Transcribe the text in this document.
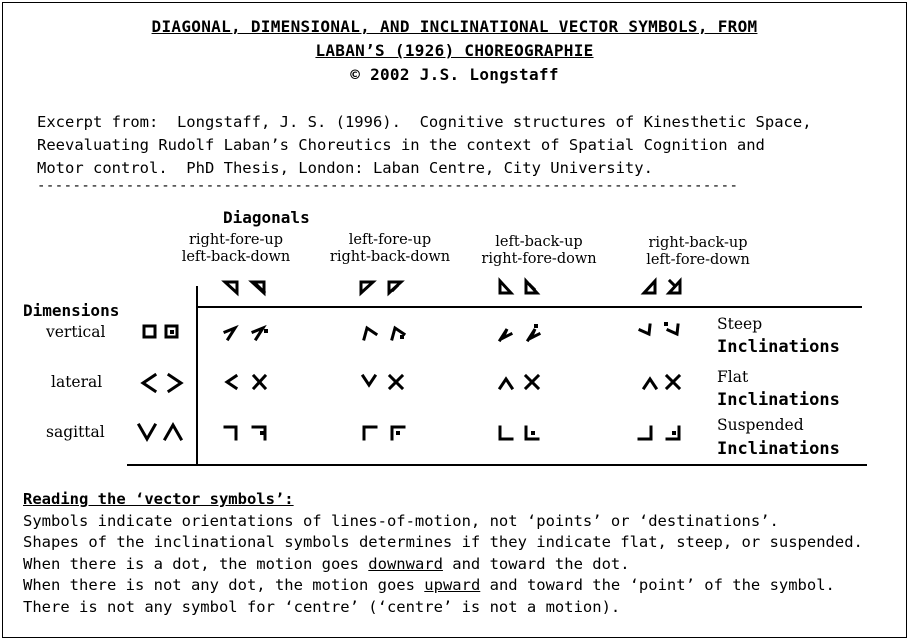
DIAGONAL, DIMENSIONAL, AND INCLINATIONAL VECTOR SYMBOLS, FROM
LABAN’S (1926) CHOREOGRAPHIE
© 2002 J.S. Longstaff
Excerpt from:  Longstaff, J. S. (1996).  Cognitive structures of Kinesthetic Space,
Reevaluating Rudolf Laban’s Choreutics in the context of Spatial Cognition and
Motor control.  PhD Thesis, London: Laban Centre, City University.
-------------------------------------------------------------------------------
Diagonals
right-fore-up
left-back-down
left-fore-up
right-back-down
left-back-up
right-fore-down
right-back-up
left-fore-down
Dimensions
vertical
lateral
sagittal
Steep
Inclinations
Flat
Inclinations
Suspended
Inclinations
Reading the ‘vector symbols’:
Symbols indicate orientations of lines-of-motion, not ‘points’ or ‘destinations’.
Shapes of the inclinational symbols determines if they indicate flat, steep, or suspended.
When there is a dot, the motion goes downward and toward the dot.
When there is not any dot, the motion goes upward and toward the ‘point’ of the symbol.
There is not any symbol for ‘centre’ (‘centre’ is not a motion).
